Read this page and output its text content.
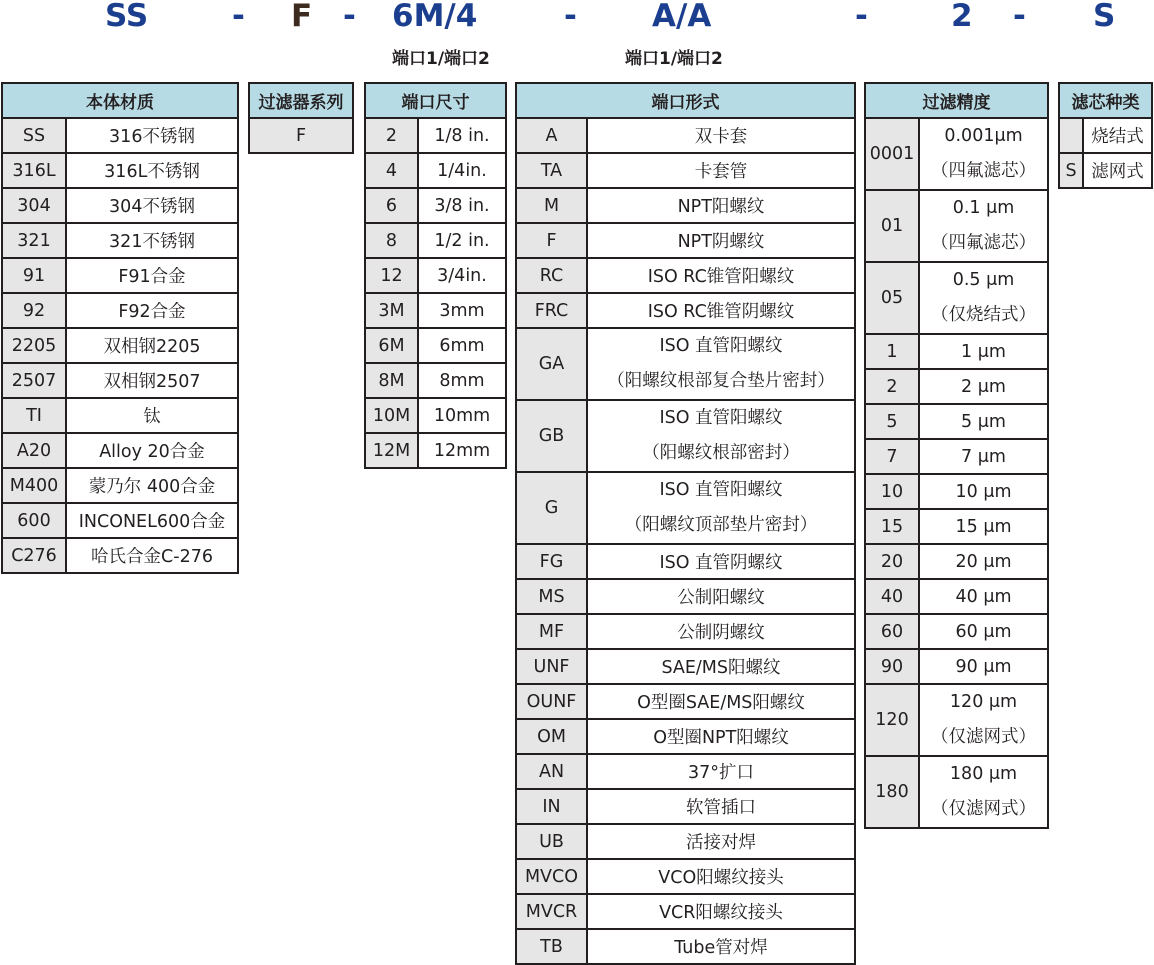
SS	- F - 6M/4	- A/A	-	2 - S
端口1/端口2	端口1/端口2
本体材质	
SS	316不锈钢
316L	316L不锈钢
304	304不锈钢
321	321不锈钢
91	F91合金
92	F92合金
2205	双相钢2205
2507	双相钢2507
TI	钛
A20	Alloy 20合金
M400	蒙乃尔 400合金
600	INCONEL600合金
C276	哈氏合金C-276
过滤器系列
F
端口尺寸	
2	1/8 in.
4	1/4in.
6	3/8 in.
8	1/2 in.
12	3/4in.
3M	3mm
6M	6mm
8M	8mm
10M	10mm
12M	12mm
端口形式	
A	双卡套
TA	卡套管
M	NPT阳螺纹
F	NPT阴螺纹
RC	ISO RC锥管阳螺纹
FRC	ISO RC锥管阴螺纹
GA	ISO 直管阳螺纹
（阳螺纹根部复合垫片密封）

GB	ISO 直管阳螺纹
（阳螺纹根部密封）

G	ISO 直管阳螺纹
（阳螺纹顶部垫片密封）

FG	ISO 直管阴螺纹
MS	公制阳螺纹
MF	公制阴螺纹
UNF	SAE/MS阳螺纹
OUNF	O型圈SAE/MS阳螺纹
OM	O型圈NPT阳螺纹
AN	37°扩口
IN	软管插口
UB	活接对焊
MVCO	VCO阳螺纹接头
MVCR	VCR阳螺纹接头
TB	Tube管对焊
过滤精度	
0001	0.001μm
（四氟滤芯）

01	0.1 μm
（四氟滤芯）

05	0.5 μm
（仅烧结式）

1	1 μm
2	2 μm
5	5 μm
7	7 μm
10	10 μm
15	15 μm
20	20 μm
40	40 μm
60	60 μm
90	90 μm
120	120 μm
（仅滤网式）

180	180 μm
（仅滤网式）
滤芯种类	
	烧结式
S	滤网式
